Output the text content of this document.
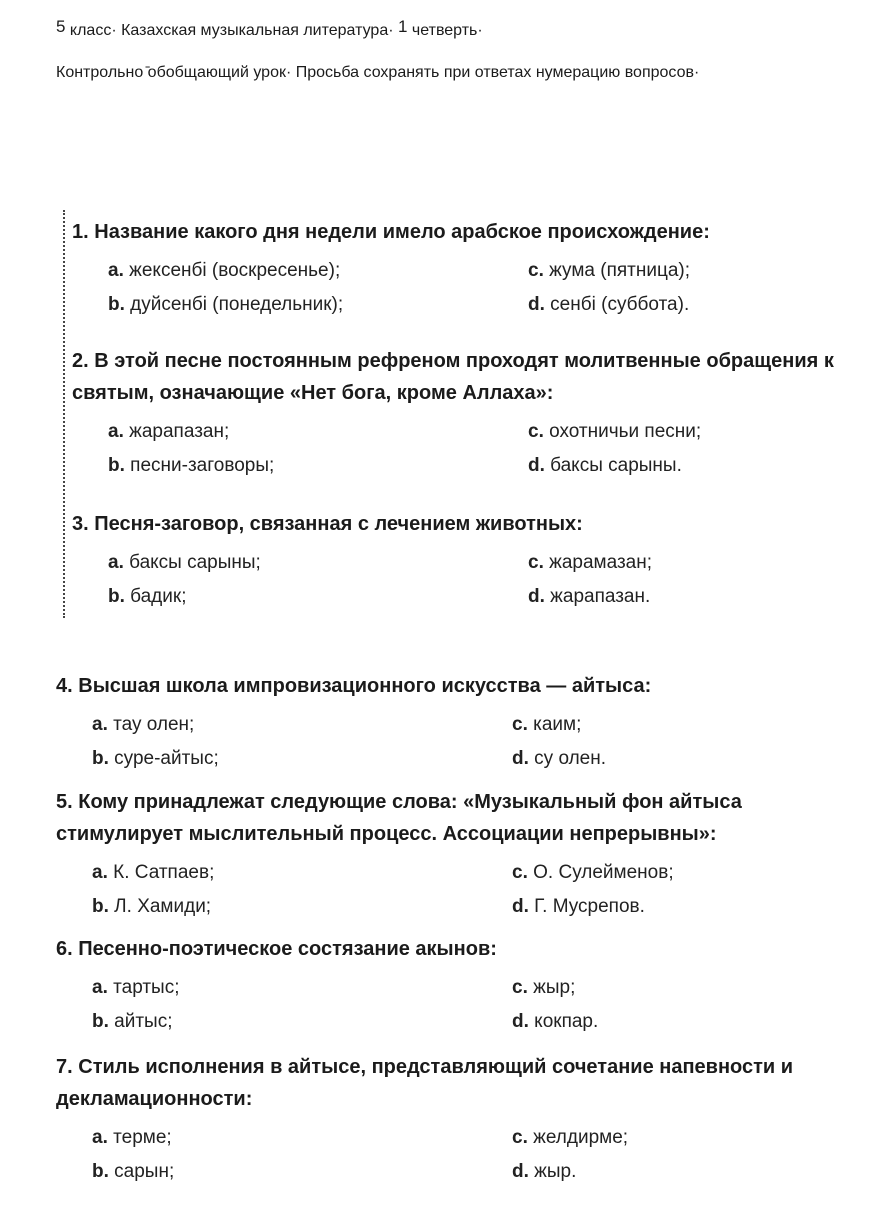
5 класс· Казахская музыкальная литература· 1 четверть·
Контрольно ̄обобщающий урок· Просьба сохранять при ответах нумерацию вопросов·
1. Название какого дня недели имело арабское происхождение:
a. жексенбі (воскресенье);	c. жума (пятница);
b. дуйсенбі (понедельник);	d. сенбі (суббота).
2. В этой песне постоянным рефреном проходят молитвенные обращения к святым, означающие «Нет бога, кроме Аллаха»:
a. жарапазан;	c. охотничьи песни;
b. песни-заговоры;	d. баксы сарыны.
3. Песня-заговор, связанная с лечением животных:
a. баксы сарыны;	c. жарамазан;
b. бадик;	d. жарапазан.
4. Высшая школа импровизационного искусства — айтыса:
a. тау олен;	c. каим;
b. суре-айтыс;	d. су олен.
5. Кому принадлежат следующие слова: «Музыкальный фон айтыса стимулирует мыслительный процесс. Ассоциации непрерывны»:
a. К. Сатпаев;	c. О. Сулейменов;
b. Л. Хамиди;	d. Г. Мусрепов.
6. Песенно-поэтическое состязание акынов:
a. тартыс;	c. жыр;
b. айтыс;	d. кокпар.
7. Стиль исполнения в айтысе, представляющий сочетание напевности и декламационности:
a. терме;	c. желдирме;
b. сарын;	d. жыр.
